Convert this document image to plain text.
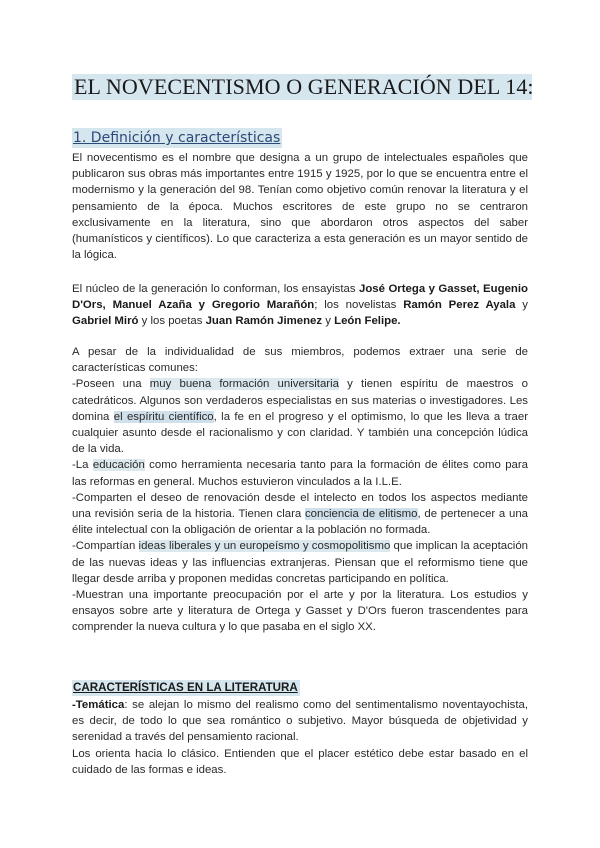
EL NOVECENTISMO O GENERACIÓN DEL 14:
1. Definición y características

El novecentismo es el nombre que designa a un grupo de intelectuales españoles que publicaron sus obras más importantes entre 1915 y 1925, por lo que se encuentra entre el modernismo y la generación del 98. Tenían como objetivo común renovar la literatura y el pensamiento de la época. Muchos escritores de este grupo no se centraron exclusivamente en la literatura, sino que abordaron otros aspectos del saber (humanísticos y científicos). Lo que caracteriza a esta generación es un mayor sentido de la lógica.

El núcleo de la generación lo conforman, los ensayistas José Ortega y Gasset, Eugenio D'Ors, Manuel Azaña y Gregorio Marañón; los novelistas Ramón Perez Ayala y Gabriel Miró y los poetas Juan Ramón Jimenez y León Felipe.

A pesar de la individualidad de sus miembros, podemos extraer una serie de características comunes:

-Poseen una muy buena formación universitaria y tienen espíritu de maestros o catedráticos. Algunos son verdaderos especialistas en sus materias o investigadores. Les domina el espíritu científico, la fe en el progreso y el optimismo, lo que les lleva a traer cualquier asunto desde el racionalismo y con claridad. Y también una concepción lúdica de la vida.

-La educación como herramienta necesaria tanto para la formación de élites como para las reformas en general. Muchos estuvieron vinculados a la I.L.E.

-Comparten el deseo de renovación desde el intelecto en todos los aspectos mediante una revisión seria de la historia. Tienen clara conciencia de elitismo, de pertenecer a una élite intelectual con la obligación de orientar a la población no formada.

-Compartían ideas liberales y un europeísmo y cosmopolitismo que implican la aceptación de las nuevas ideas y las influencias extranjeras. Piensan que el reformismo tiene que llegar desde arriba y proponen medidas concretas participando en política.

-Muestran una importante preocupación por el arte y por la literatura. Los estudios y ensayos sobre arte y literatura de Ortega y Gasset y D'Ors fueron trascendentes para comprender la nueva cultura y lo que pasaba en el siglo XX.

CARACTERÍSTICAS EN LA LITERATURA

-Temática: se alejan lo mismo del realismo como del sentimentalismo noventayochista, es decir, de todo lo que sea romántico o subjetivo. Mayor búsqueda de objetividad y serenidad a través del pensamiento racional.

Los orienta hacia lo clásico. Entienden que el placer estético debe estar basado en el cuidado de las formas e ideas.
